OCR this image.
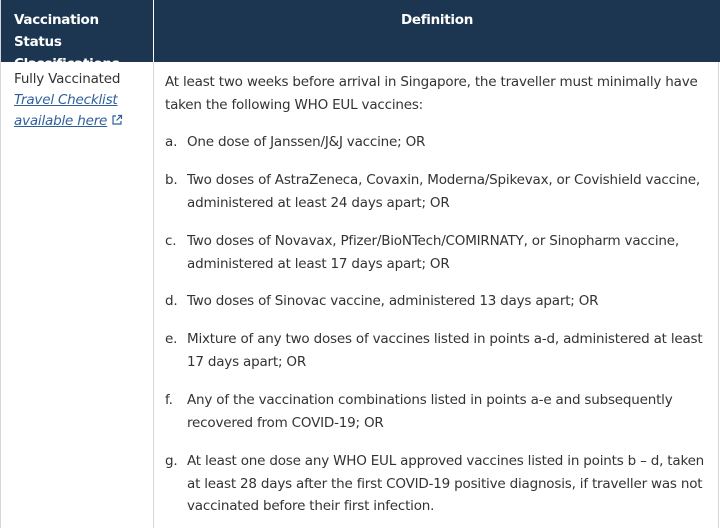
Vaccination Status Classifications
Definition
Fully Vaccinated
Travel Checklist available here
At least two weeks before arrival in Singapore, the traveller must minimally have taken the following WHO EUL vaccines:
a. One dose of Janssen/J&J vaccine; OR
b. Two doses of AstraZeneca, Covaxin, Moderna/Spikevax, or Covishield vaccine, administered at least 24 days apart; OR
c. Two doses of Novavax, Pfizer/BioNTech/COMIRNATY, or Sinopharm vaccine, administered at least 17 days apart; OR
d. Two doses of Sinovac vaccine, administered 13 days apart; OR
e. Mixture of any two doses of vaccines listed in points a-d, administered at least 17 days apart; OR
f.	Any of the vaccination combinations listed in points a-e and subsequently recovered from COVID-19; OR
g. At least one dose any WHO EUL approved vaccines listed in points b – d, taken at least 28 days after the first COVID-19 positive diagnosis, if traveller was not vaccinated before their first infection.
